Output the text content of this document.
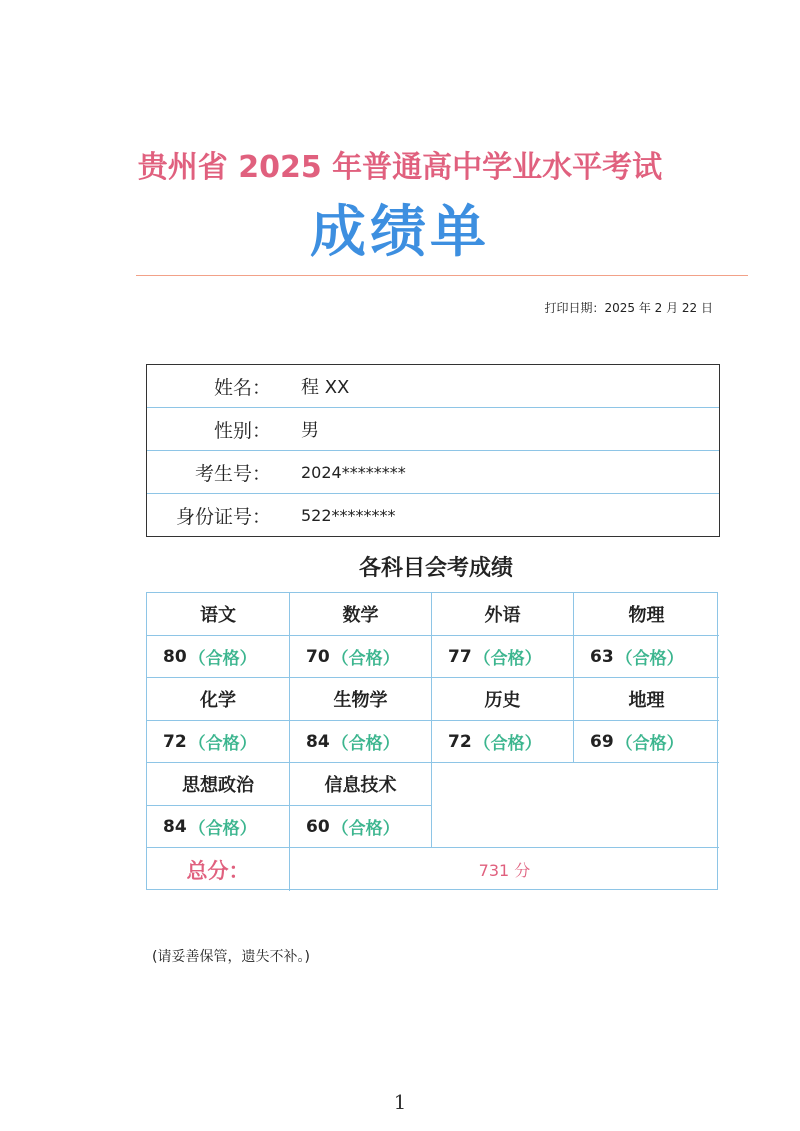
贵州省 2025 年普通高中学业水平考试
成绩单
打印日期：2025 年 2 月 22 日
姓名：	程 XX
性别：	男
考生号：	2024********
身份证号：	522********
各科目会考成绩
语文	数学	外语	物理
80 （合格）	70 （合格）	77 （合格）	63 （合格）
化学	生物学	历史	地理
72 （合格）	84 （合格）	72 （合格）	69 （合格）
思想政治	信息技术
84 （合格）	60 （合格）
总分：	731 分
(请妥善保管，遗失不补。)
1
